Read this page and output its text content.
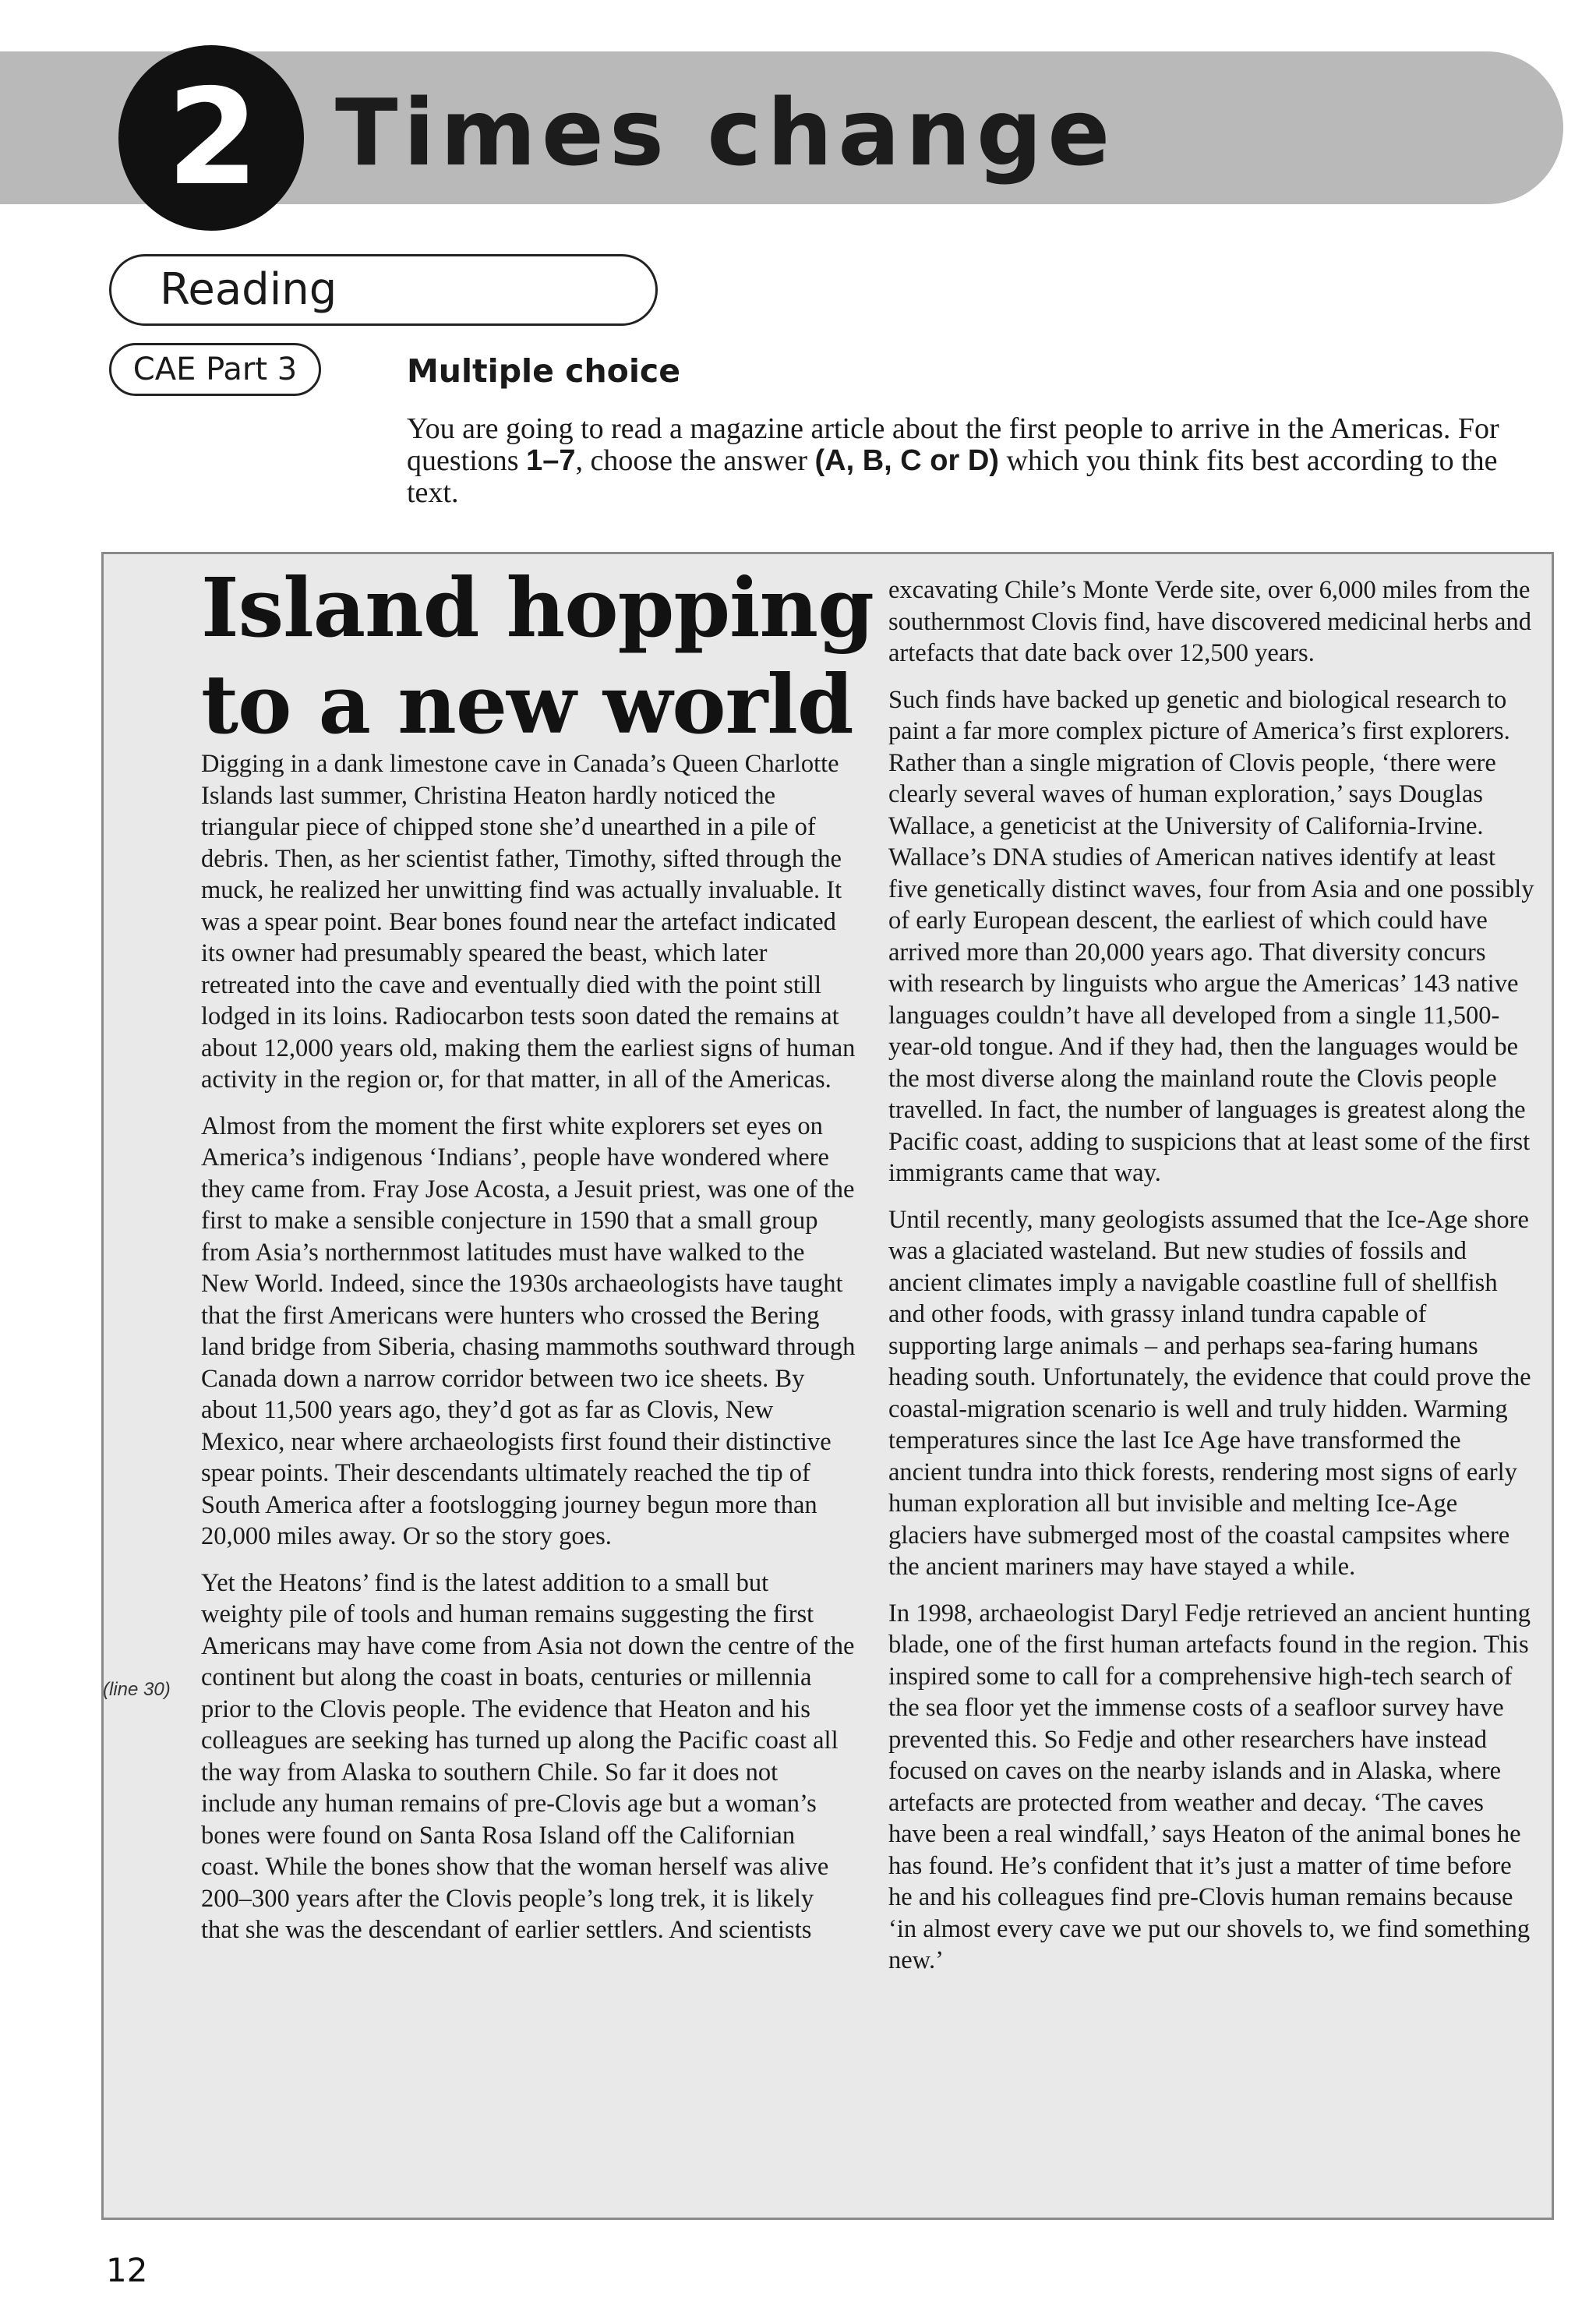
2 Times change
Reading
CAE Part 3	Multiple choice
You are going to read a magazine article about the first people to arrive in the Americas. For questions 1–7, choose the answer (A, B, C or D) which you think fits best according to the text.
Island hopping to a new world

Digging in a dank limestone cave in Canada’s Queen Charlotte Islands last summer, Christina Heaton hardly noticed the triangular piece of chipped stone she’d unearthed in a pile of debris. Then, as her scientist father, Timothy, sifted through the muck, he realized her unwitting find was actually invaluable. It was a spear point. Bear bones found near the artefact indicated its owner had presumably speared the beast, which later retreated into the cave and eventually died with the point still lodged in its loins. Radiocarbon tests soon dated the remains at about 12,000 years old, making them the earliest signs of human activity in the region or, for that matter, in all of the Americas.

Almost from the moment the first white explorers set eyes on America’s indigenous ‘Indians’, people have wondered where they came from. Fray Jose Acosta, a Jesuit priest, was one of the first to make a sensible conjecture in 1590 that a small group from Asia’s northernmost latitudes must have walked to the New World. Indeed, since the 1930s archaeologists have taught that the first Americans were hunters who crossed the Bering land bridge from Siberia, chasing mammoths southward through Canada down a narrow corridor between two ice sheets. By about 11,500 years ago, they’d got as far as Clovis, New Mexico, near where archaeologists first found their distinctive spear points. Their descendants ultimately reached the tip of South America after a footslogging journey begun more than 20,000 miles away. Or so the story goes.

Yet the Heatons’ find is the latest addition to a small but weighty pile of tools and human remains suggesting the first Americans may have come from Asia not down the centre of the continent but along the coast in boats, centuries or millennia prior to the Clovis people. The evidence that Heaton and his colleagues are seeking has turned up along the Pacific coast all the way from Alaska to southern Chile. So far it does not include any human remains of pre-Clovis age but a woman’s bones were found on Santa Rosa Island off the Californian coast. While the bones show that the woman herself was alive 200–300 years after the Clovis people’s long trek, it is likely that she was the descendant of earlier settlers. And scientists

(line 30)

excavating Chile’s Monte Verde site, over 6,000 miles from the southernmost Clovis find, have discovered medicinal herbs and artefacts that date back over 12,500 years.

Such finds have backed up genetic and biological research to paint a far more complex picture of America’s first explorers. Rather than a single migration of Clovis people, ‘there were clearly several waves of human exploration,’ says Douglas Wallace, a geneticist at the University of California-Irvine. Wallace’s DNA studies of American natives identify at least five genetically distinct waves, four from Asia and one possibly of early European descent, the earliest of which could have arrived more than 20,000 years ago. That diversity concurs with research by linguists who argue the Americas’ 143 native languages couldn’t have all developed from a single 11,500-year-old tongue. And if they had, then the languages would be the most diverse along the mainland route the Clovis people travelled. In fact, the number of languages is greatest along the Pacific coast, adding to suspicions that at least some of the first immigrants came that way.

Until recently, many geologists assumed that the Ice-Age shore was a glaciated wasteland. But new studies of fossils and ancient climates imply a navigable coastline full of shellfish and other foods, with grassy inland tundra capable of supporting large animals – and perhaps sea-faring humans heading south. Unfortunately, the evidence that could prove the coastal-migration scenario is well and truly hidden. Warming temperatures since the last Ice Age have transformed the ancient tundra into thick forests, rendering most signs of early human exploration all but invisible and melting Ice-Age glaciers have submerged most of the coastal campsites where the ancient mariners may have stayed a while.

In 1998, archaeologist Daryl Fedje retrieved an ancient hunting blade, one of the first human artefacts found in the region. This inspired some to call for a comprehensive high-tech search of the sea floor yet the immense costs of a seafloor survey have prevented this. So Fedje and other researchers have instead focused on caves on the nearby islands and in Alaska, where artefacts are protected from weather and decay. ‘The caves have been a real windfall,’ says Heaton of the animal bones he has found. He’s confident that it’s just a matter of time before he and his colleagues find pre-Clovis human remains because ‘in almost every cave we put our shovels to, we find something new.’

12
